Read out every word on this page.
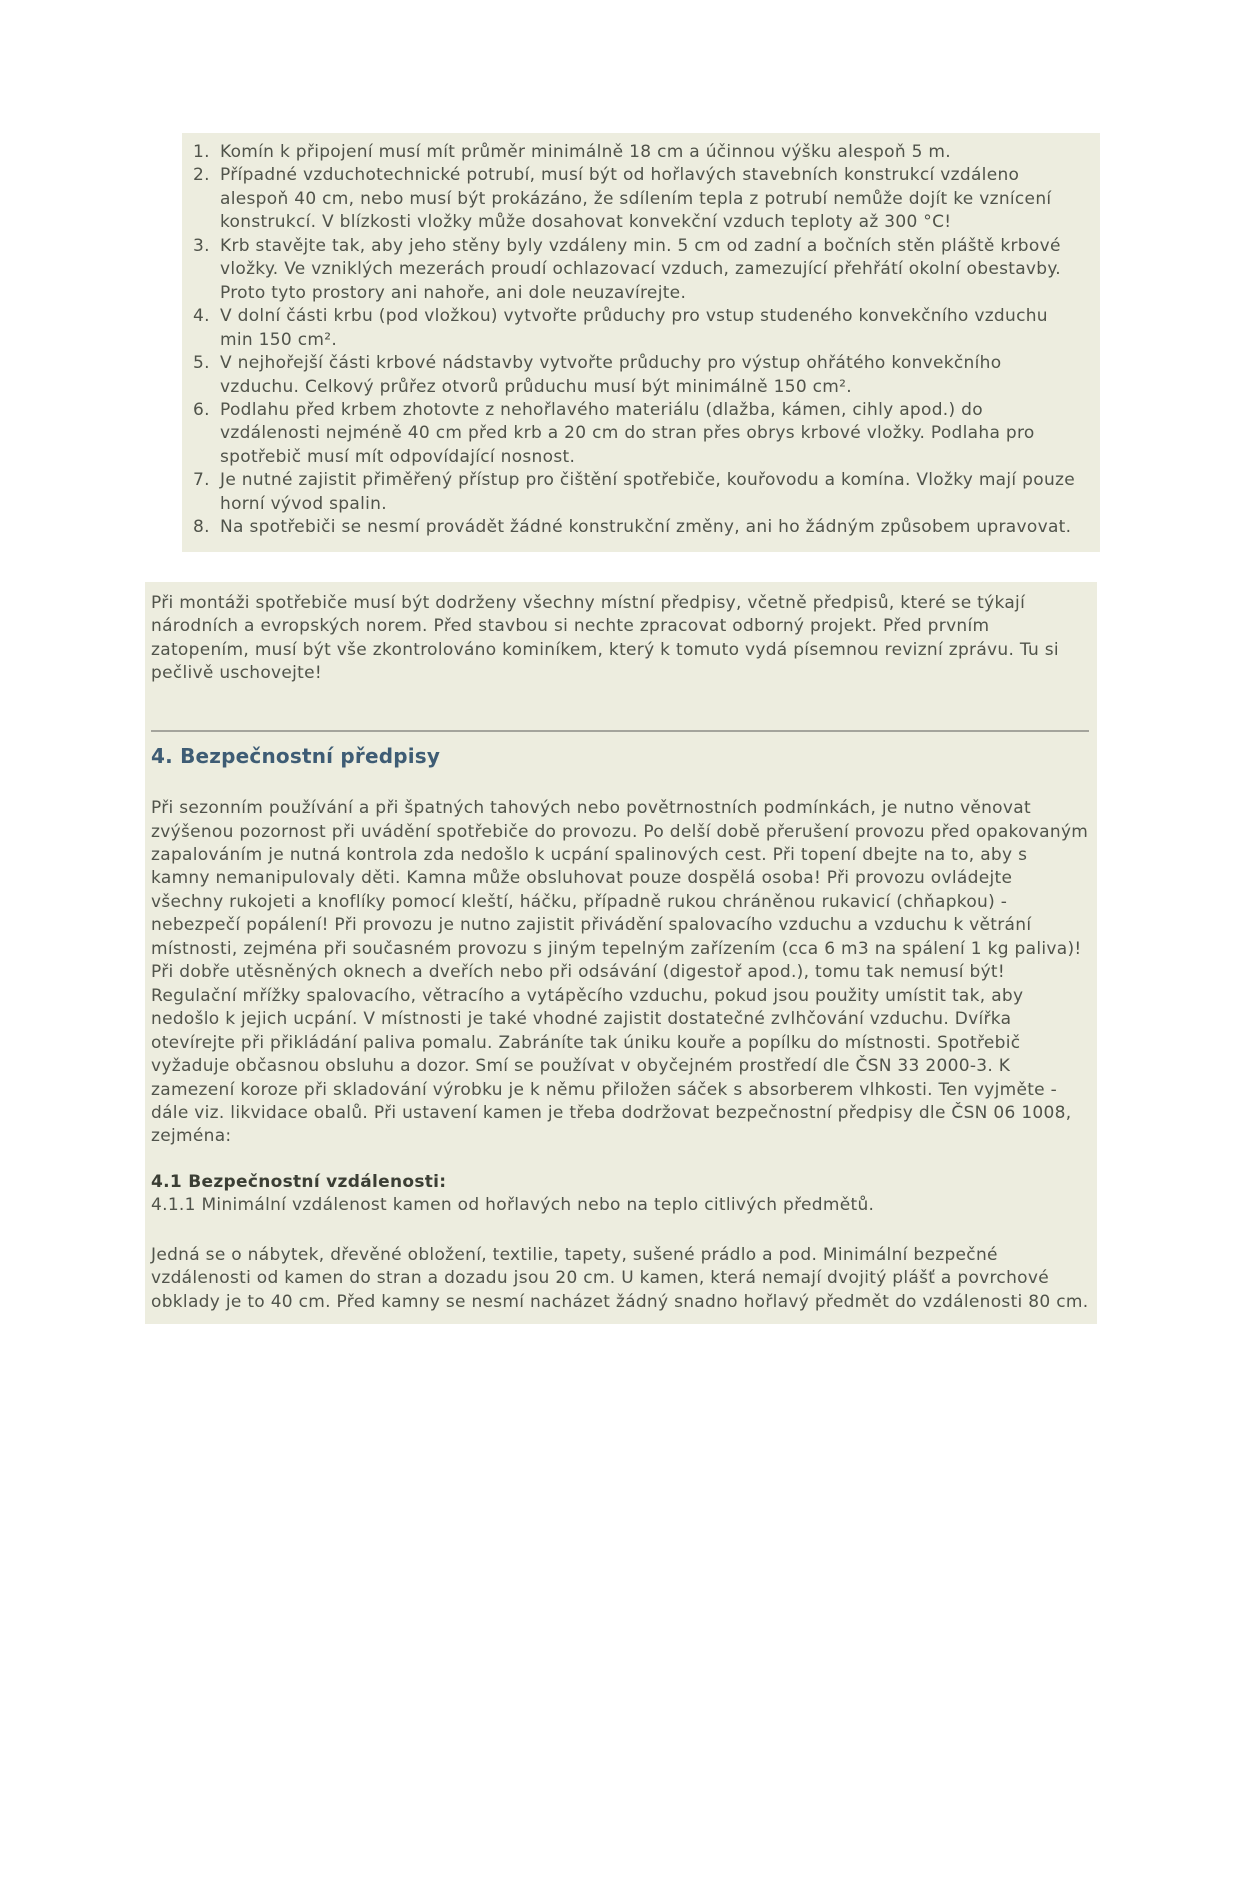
1. Komín k připojení musí mít průměr minimálně 18 cm a účinnou výšku alespoň 5 m.
2. Případné vzduchotechnické potrubí, musí být od hořlavých stavebních konstrukcí vzdáleno alespoň 40 cm, nebo musí být prokázáno, že sdílením tepla z potrubí nemůže dojít ke vznícení konstrukcí. V blízkosti vložky může dosahovat konvekční vzduch teploty až 300 °C!
3. Krb stavějte tak, aby jeho stěny byly vzdáleny min. 5 cm od zadní a bočních stěn pláště krbové vložky. Ve vzniklých mezerách proudí ochlazovací vzduch, zamezující přehřátí okolní obestavby. Proto tyto prostory ani nahoře, ani dole neuzavírejte.
4. V dolní části krbu (pod vložkou) vytvořte průduchy pro vstup studeného konvekčního vzduchu min 150 cm².
5. V nejhořejší části krbové nádstavby vytvořte průduchy pro výstup ohřátého konvekčního vzduchu. Celkový průřez otvorů průduchu musí být minimálně 150 cm².
6. Podlahu před krbem zhotovte z nehořlavého materiálu (dlažba, kámen, cihly apod.) do vzdálenosti nejméně 40 cm před krb a 20 cm do stran přes obrys krbové vložky. Podlaha pro spotřebič musí mít odpovídající nosnost.
7. Je nutné zajistit přiměřený přístup pro čištění spotřebiče, kouřovodu a komína. Vložky mají pouze horní vývod spalin.
8. Na spotřebiči se nesmí provádět žádné konstrukční změny, ani ho žádným způsobem upravovat.

Při montáži spotřebiče musí být dodrženy všechny místní předpisy, včetně předpisů, které se týkají národních a evropských norem. Před stavbou si nechte zpracovat odborný projekt. Před prvním zatopením, musí být vše zkontrolováno kominíkem, který k tomuto vydá písemnou revizní zprávu. Tu si pečlivě uschovejte!

4. Bezpečnostní předpisy

Při sezonním používání a při špatných tahových nebo povětrnostních podmínkách, je nutno věnovat zvýšenou pozornost při uvádění spotřebiče do provozu. Po delší době přerušení provozu před opakovaným zapalováním je nutná kontrola zda nedošlo k ucpání spalinových cest. Při topení dbejte na to, aby s kamny nemanipulovaly děti. Kamna může obsluhovat pouze dospělá osoba! Při provozu ovládejte všechny rukojeti a knoflíky pomocí kleští, háčku, případně rukou chráněnou rukavicí (chňapkou) - nebezpečí popálení! Při provozu je nutno zajistit přivádění spalovacího vzduchu a vzduchu k větrání místnosti, zejména při současném provozu s jiným tepelným zařízením (cca 6 m3 na spálení 1 kg paliva)! Při dobře utěsněných oknech a dveřích nebo při odsávání (digestoř apod.), tomu tak nemusí být! Regulační mřížky spalovacího, větracího a vytápěcího vzduchu, pokud jsou použity umístit tak, aby nedošlo k jejich ucpání. V místnosti je také vhodné zajistit dostatečné zvlhčování vzduchu. Dvířka otevírejte při přikládání paliva pomalu. Zabráníte tak úniku kouře a popílku do místnosti. Spotřebič vyžaduje občasnou obsluhu a dozor. Smí se používat v obyčejném prostředí dle ČSN 33 2000-3. K zamezení koroze při skladování výrobku je k němu přiložen sáček s absorberem vlhkosti. Ten vyjměte - dále viz. likvidace obalů. Při ustavení kamen je třeba dodržovat bezpečnostní předpisy dle ČSN 06 1008, zejména:

4.1 Bezpečnostní vzdálenosti:

4.1.1 Minimální vzdálenost kamen od hořlavých nebo na teplo citlivých předmětů.

Jedná se o nábytek, dřevěné obložení, textilie, tapety, sušené prádlo a pod. Minimální bezpečné vzdálenosti od kamen do stran a dozadu jsou 20 cm. U kamen, která nemají dvojitý plášť a povrchové obklady je to 40 cm. Před kamny se nesmí nacházet žádný snadno hořlavý předmět do vzdálenosti 80 cm.
